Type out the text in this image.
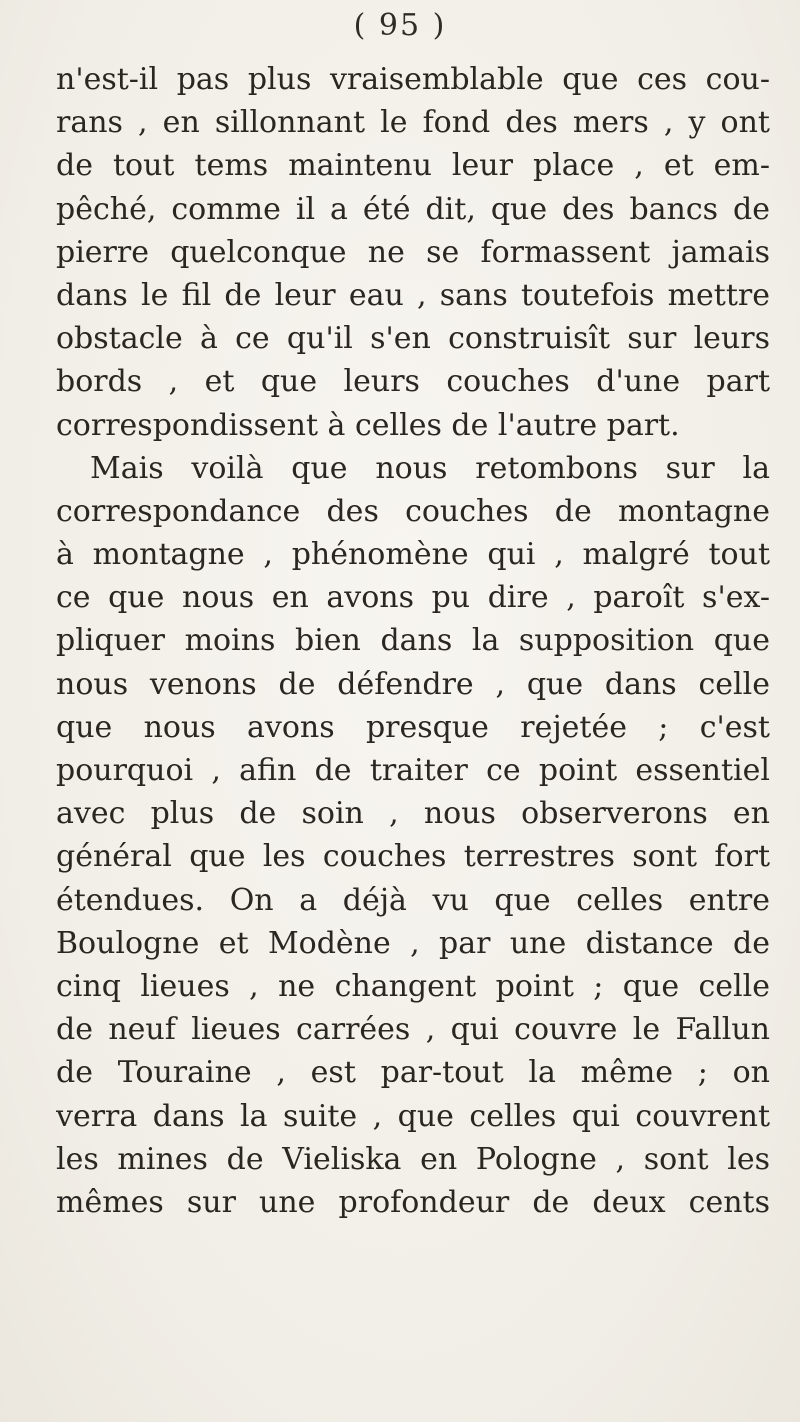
( 95 )
n'est-il pas plus vraisemblable que ces cou-
rans , en sillonnant le fond des mers , y ont
de tout tems maintenu leur place , et em-
pêché, comme il a été dit, que des bancs de
pierre quelconque ne se formassent jamais
dans le fil de leur eau , sans toutefois mettre
obstacle à ce qu'il s'en construisît sur leurs
bords , et que leurs couches d'une part
correspondissent à celles de l'autre part.
Mais voilà que nous retombons sur la
correspondance des couches de montagne
à montagne , phénomène qui , malgré tout
ce que nous en avons pu dire , paroît s'ex-
pliquer moins bien dans la supposition que
nous venons de défendre , que dans celle
que nous avons presque rejetée ; c'est
pourquoi , afin de traiter ce point essentiel
avec plus de soin , nous observerons en
général que les couches terrestres sont fort
étendues. On a déjà vu que celles entre
Boulogne et Modène , par une distance de
cinq lieues , ne changent point ; que celle
de neuf lieues carrées , qui couvre le Fallun
de Touraine , est par-tout la même ; on
verra dans la suite , que celles qui couvrent
les mines de Vieliska en Pologne , sont les
mêmes sur une profondeur de deux cents
